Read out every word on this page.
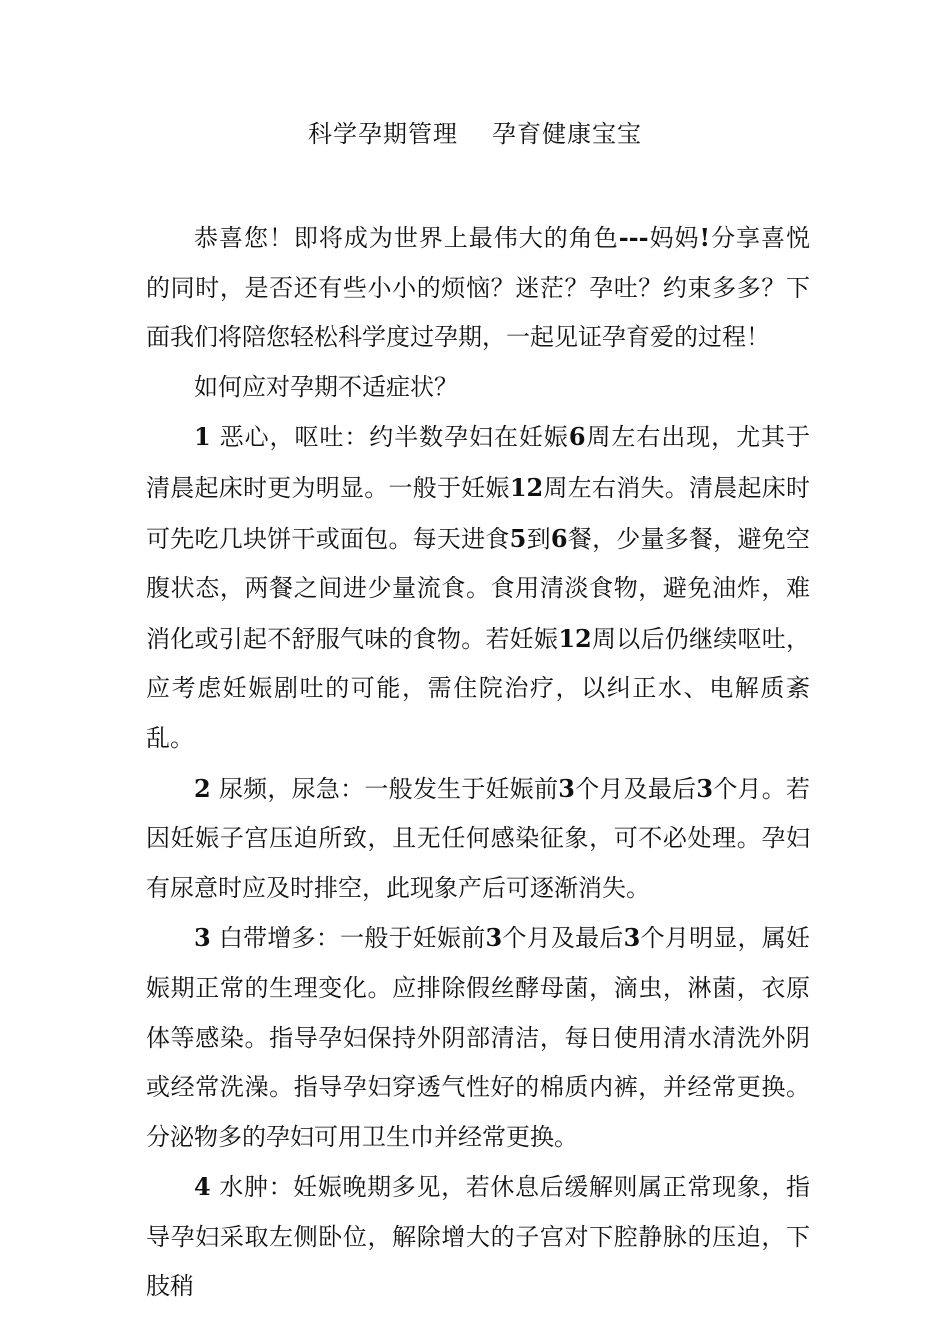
科学孕期管理 孕育健康宝宝

恭喜您！即将成为世界上最伟大的角色---妈妈!分享喜悦的同时，是否还有些小小的烦恼？迷茫？孕吐？约束多多？下面我们将陪您轻松科学度过孕期，一起见证孕育爱的过程！

如何应对孕期不适症状？

1 恶心，呕吐：约半数孕妇在妊娠6周左右出现，尤其于清晨起床时更为明显。一般于妊娠12周左右消失。清晨起床时可先吃几块饼干或面包。每天进食5到6餐，少量多餐，避免空腹状态，两餐之间进少量流食。食用清淡食物，避免油炸，难消化或引起不舒服气味的食物。若妊娠12周以后仍继续呕吐，应考虑妊娠剧吐的可能，需住院治疗，以纠正水、电解质紊乱。

2 尿频，尿急：一般发生于妊娠前3个月及最后3个月。若因妊娠子宫压迫所致，且无任何感染征象，可不必处理。孕妇有尿意时应及时排空，此现象产后可逐渐消失。

3 白带增多：一般于妊娠前3个月及最后3个月明显，属妊娠期正常的生理变化。应排除假丝酵母菌，滴虫，淋菌，衣原体等感染。指导孕妇保持外阴部清洁，每日使用清水清洗外阴或经常洗澡。指导孕妇穿透气性好的棉质内裤，并经常更换。分泌物多的孕妇可用卫生巾并经常更换。

4 水肿：妊娠晚期多见，若休息后缓解则属正常现象，指导孕妇采取左侧卧位，解除增大的子宫对下腔静脉的压迫，下肢稍
